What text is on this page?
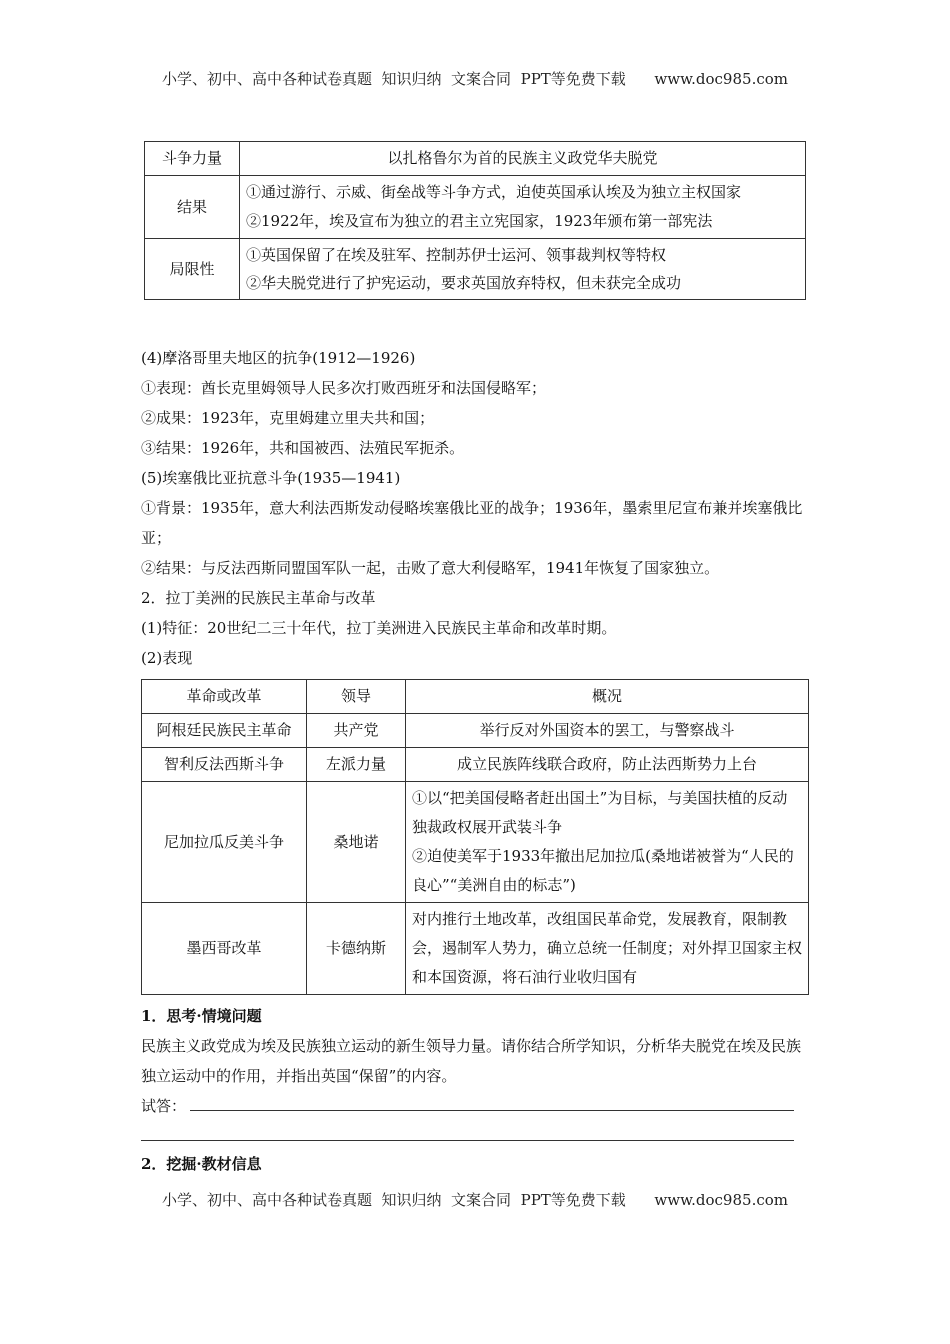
小学、初中、高中各种试卷真题  知识归纳  文案合同  PPT等免费下载      www.doc985.com
斗争力量	以扎格鲁尔为首的民族主义政党华夫脱党

结果	①通过游行、示威、街垒战等斗争方式，迫使英国承认埃及为独立主权国家
②1922年，埃及宣布为独立的君主立宪国家，1923年颁布第一部宪法

局限性	①英国保留了在埃及驻军、控制苏伊士运河、领事裁判权等特权
②华夫脱党进行了护宪运动，要求英国放弃特权，但未获完全成功
(4)摩洛哥里夫地区的抗争(1912—1926)
①表现：酋长克里姆领导人民多次打败西班牙和法国侵略军；
②成果：1923年，克里姆建立里夫共和国；
③结果：1926年，共和国被西、法殖民军扼杀。
(5)埃塞俄比亚抗意斗争(1935—1941)
①背景：1935年，意大利法西斯发动侵略埃塞俄比亚的战争；1936年，墨索里尼宣布兼并埃塞俄比亚；
②结果：与反法西斯同盟国军队一起，击败了意大利侵略军，1941年恢复了国家独立。
2．拉丁美洲的民族民主革命与改革
(1)特征：20世纪二三十年代，拉丁美洲进入民族民主革命和改革时期。
(2)表现
革命或改革	领导	概况
阿根廷民族民主革命	共产党	举行反对外国资本的罢工，与警察战斗
智利反法西斯斗争	左派力量	成立民族阵线联合政府，防止法西斯势力上台
尼加拉瓜反美斗争	桑地诺	①以“把美国侵略者赶出国土”为目标，与美国扶植的反动独裁政权展开武装斗争
②迫使美军于1933年撤出尼加拉瓜(桑地诺被誉为“人民的良心”“美洲自由的标志”)

墨西哥改革	卡德纳斯	对内推行土地改革，改组国民革命党，发展教育，限制教会，遏制军人势力，确立总统一任制度；对外捍卫国家主权和本国资源，将石油行业收归国有
1．思考·情境问题
民族主义政党成为埃及民族独立运动的新生领导力量。请你结合所学知识，分析华夫脱党在埃及民族独立运动中的作用，并指出英国“保留”的内容。
试答：
2．挖掘·教材信息
小学、初中、高中各种试卷真题  知识归纳  文案合同  PPT等免费下载      www.doc985.com
